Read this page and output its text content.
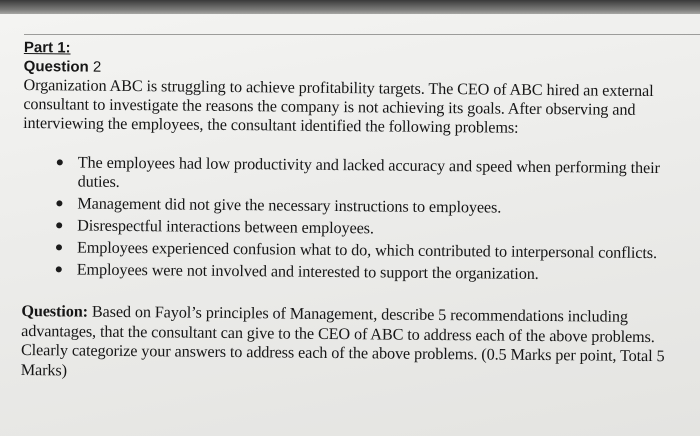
Part 1:

Question 2

Organization ABC is struggling to achieve profitability targets. The CEO of ABC hired an external consultant to investigate the reasons the company is not achieving its goals. After observing and interviewing the employees, the consultant identified the following problems:

The employees had low productivity and lacked accuracy and speed when performing their duties.
Management did not give the necessary instructions to employees.
Disrespectful interactions between employees.
Employees experienced confusion what to do, which contributed to interpersonal conflicts.
Employees were not involved and interested to support the organization.

Question: Based on Fayol’s principles of Management, describe 5 recommendations including advantages, that the consultant can give to the CEO of ABC to address each of the above problems. Clearly categorize your answers to address each of the above problems. (0.5 Marks per point, Total 5 Marks)
